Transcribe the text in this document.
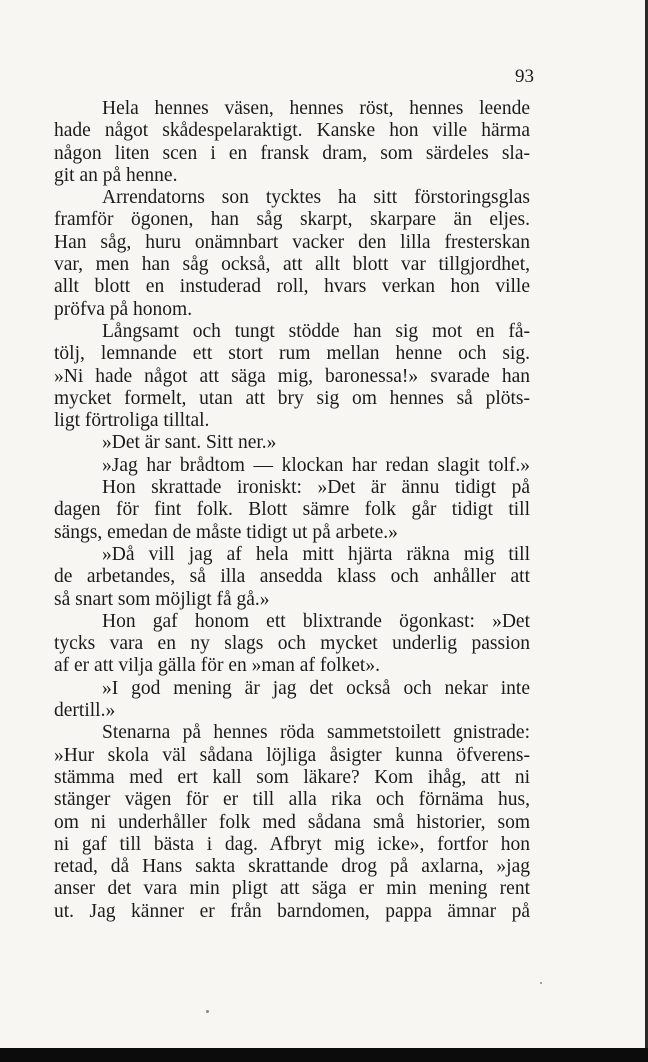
93
Hela hennes väsen, hennes röst, hennes leende
hade något skådespelaraktigt. Kanske hon ville härma
någon liten scen i en fransk dram, som särdeles sla-
git an på henne.
Arrendatorns son tycktes ha sitt förstoringsglas
framför ögonen, han såg skarpt, skarpare än eljes.
Han såg, huru onämnbart vacker den lilla fresterskan
var, men han såg också, att allt blott var tillgjordhet,
allt blott en instuderad roll, hvars verkan hon ville
pröfva på honom.
Långsamt och tungt stödde han sig mot en få-
tölj, lemnande ett stort rum mellan henne och sig.
»Ni hade något att säga mig, baronessa!» svarade han
mycket formelt, utan att bry sig om hennes så plöts-
ligt förtroliga tilltal.
»Det är sant. Sitt ner.»
»Jag har brådtom — klockan har redan slagit tolf.»
Hon skrattade ironiskt: »Det är ännu tidigt på
dagen för fint folk. Blott sämre folk går tidigt till
sängs, emedan de måste tidigt ut på arbete.»
»Då vill jag af hela mitt hjärta räkna mig till
de arbetandes, så illa ansedda klass och anhåller att
så snart som möjligt få gå.»
Hon gaf honom ett blixtrande ögonkast: »Det
tycks vara en ny slags och mycket underlig passion
af er att vilja gälla för en »man af folket».
»I god mening är jag det också och nekar inte
dertill.»
Stenarna på hennes röda sammetstoilett gnistrade:
»Hur skola väl sådana löjliga åsigter kunna öfverens-
stämma med ert kall som läkare? Kom ihåg, att ni
stänger vägen för er till alla rika och förnäma hus,
om ni underhåller folk med sådana små historier, som
ni gaf till bästa i dag. Afbryt mig icke», fortfor hon
retad, då Hans sakta skrattande drog på axlarna, »jag
anser det vara min pligt att säga er min mening rent
ut. Jag känner er från barndomen, pappa ämnar på
